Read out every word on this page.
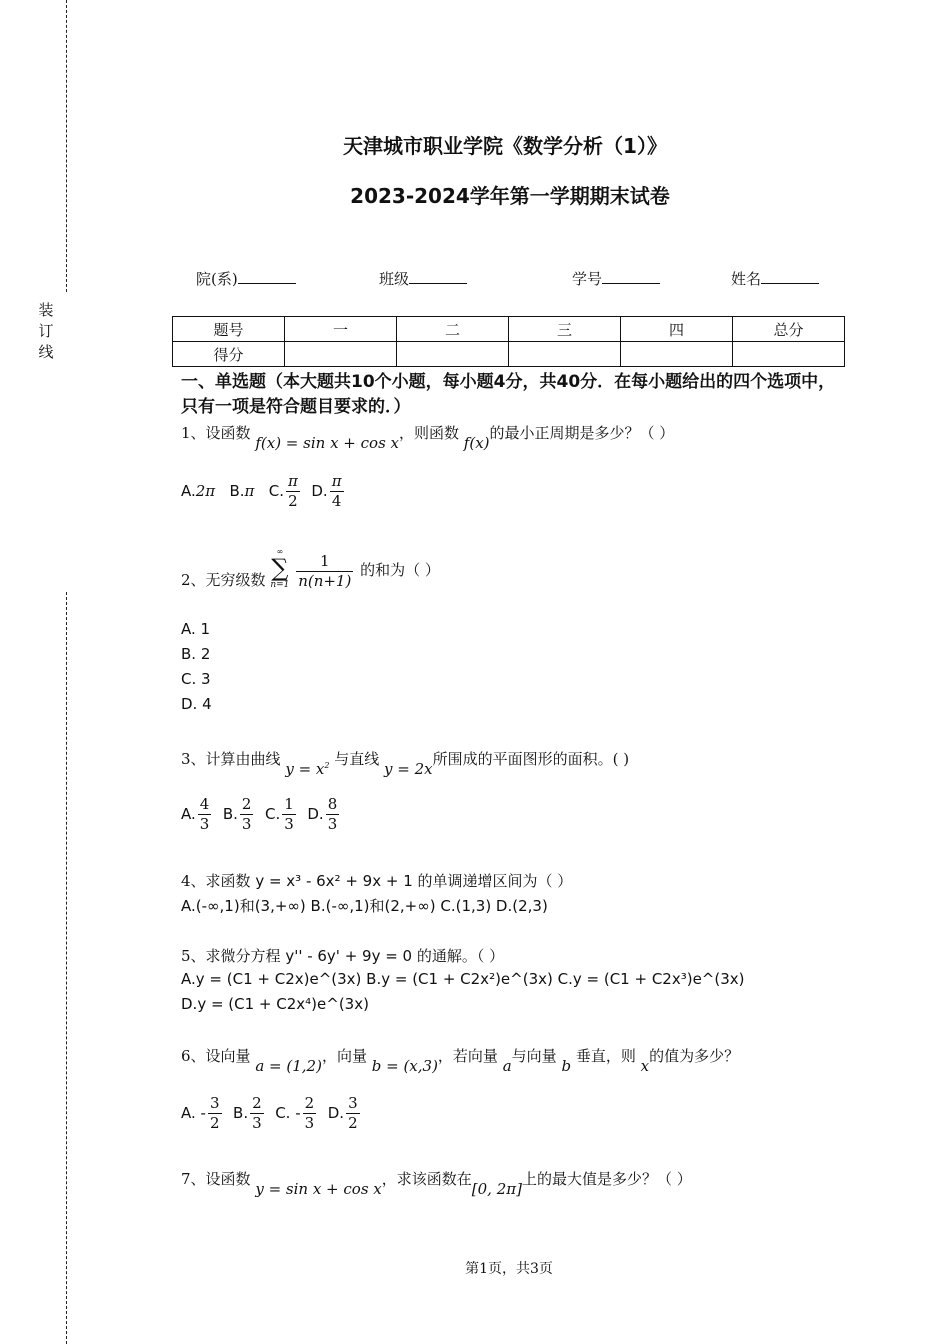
装订线
天津城市职业学院《数学分析（1）》
2023-2024学年第一学期期末试卷
院(系)	班级	学号	姓名
题号	一	二	三	四	总分
得分					
一、单选题（本大题共10个小题，每小题4分，共40分．在每小题给出的四个选项中，只有一项是符合题目要求的．）
1、设函数 f(x) = sin x + cos x，则函数 f(x)的最小正周期是多少？（ ）
A.2π B.π C. $\frac{\pi}{2} D$. $\frac{\pi}{4}$
2、无穷级数
∞
∑
n=1
$\frac{1}{n(n+1)}$ 的和为（ ）
A. 1
B. 2
C. 3
D. 4
3、计算由曲线 $y = x^2$ 与直线 y = 2x所围成的平面图形的面积。( )
A. $\frac{4}{3} B$. $\frac{2}{3} C$. $\frac{1}{3} D$. $\frac{8}{3}$
4、求函数 y = x³ - 6x² + 9x + 1 的单调递增区间为（ ）
A.(-∞,1)和(3,+∞) B.(-∞,1)和(2,+∞) C.(1,3) D.(2,3)
5、求微分方程 y'' - 6y' + 9y = 0 的通解。（ ）
A.y = (C1 + C2x)e^(3x) B.y = (C1 + C2x²)e^(3x) C.y = (C1 + C2x³)e^(3x)
D.y = (C1 + C2x⁴)e^(3x)
6、设向量 a = (1,2)，向量 b = (x,3)，若向量 a与向量 b 垂直，则 x的值为多少？
A. - $\frac{3}{2} B$. $\frac{2}{3} C$. - $\frac{2}{3} D$. $\frac{3}{2}$
7、设函数 y = sin x + cos x，求该函数在[0, 2π]上的最大值是多少？（ ）
第1页，共3页
